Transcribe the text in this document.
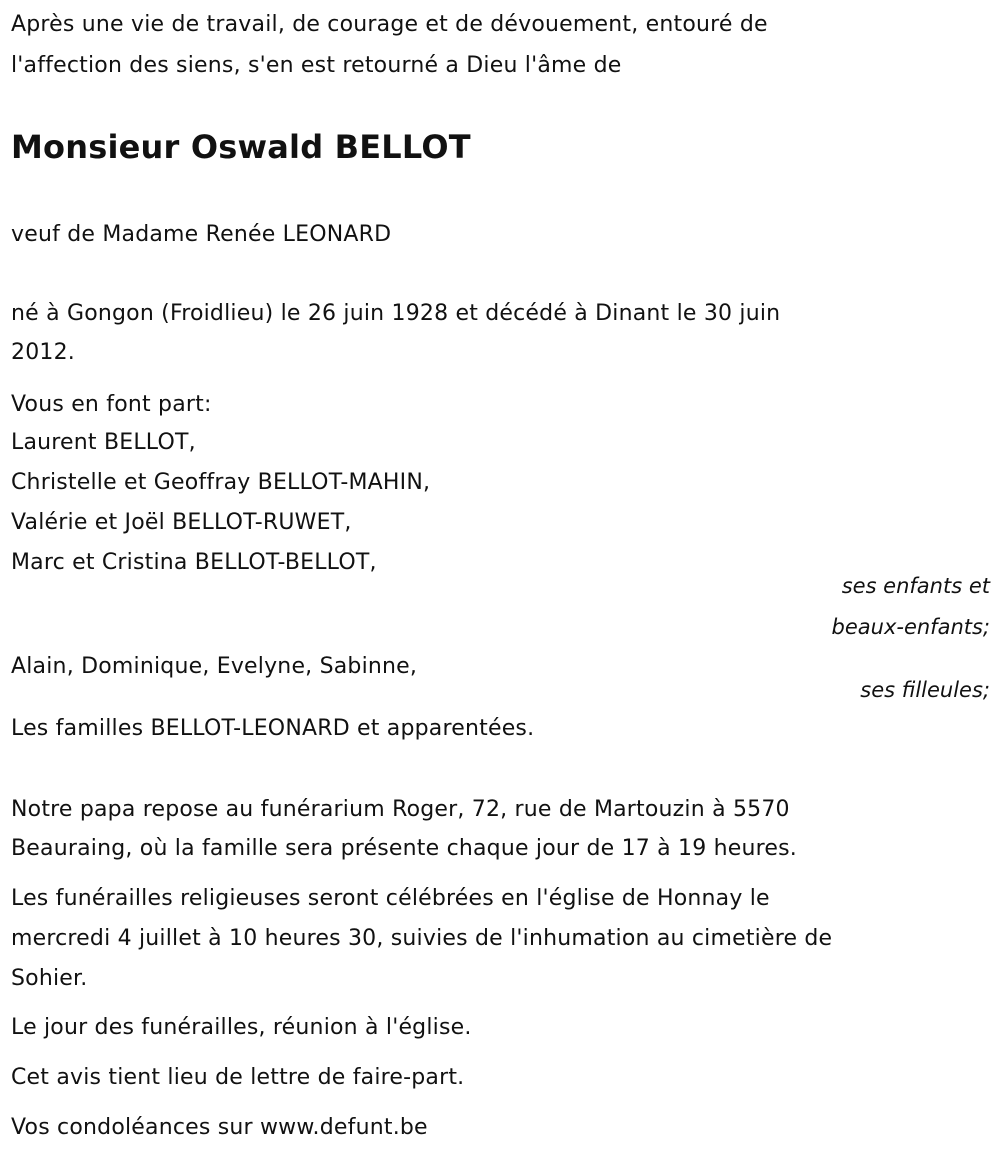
Après une vie de travail, de courage et de dévouement, entouré de
l'affection des siens, s'en est retourné a Dieu l'âme de
Monsieur Oswald BELLOT
veuf de Madame Renée LEONARD
né à Gongon (Froidlieu) le 26 juin 1928 et décédé à Dinant le 30 juin
2012.
Vous en font part:
Laurent BELLOT,
Christelle et Geoffray BELLOT-MAHIN,
Valérie et Joël BELLOT-RUWET,
Marc et Cristina BELLOT-BELLOT,
ses enfants et
beaux-enfants;
Alain, Dominique, Evelyne, Sabinne,
ses filleules;
Les familles BELLOT-LEONARD et apparentées.
Notre papa repose au funérarium Roger, 72, rue de Martouzin à 5570
Beauraing, où la famille sera présente chaque jour de 17 à 19 heures.
Les funérailles religieuses seront célébrées en l'église de Honnay le
mercredi 4 juillet à 10 heures 30, suivies de l'inhumation au cimetière de
Sohier.
Le jour des funérailles, réunion à l'église.
Cet avis tient lieu de lettre de faire-part.
Vos condoléances sur www.defunt.be
